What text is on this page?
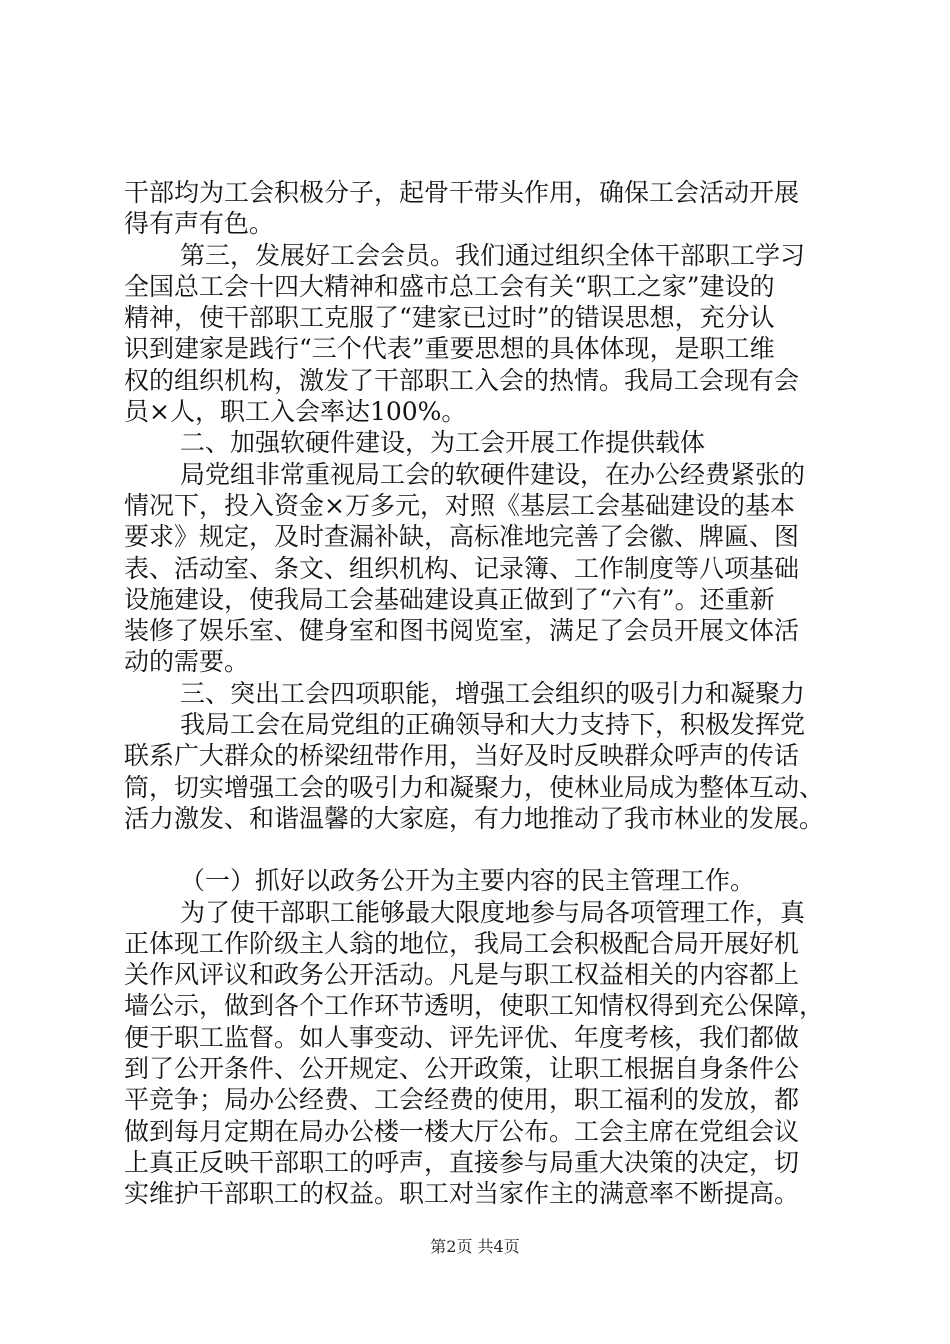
干部均为工会积极分子，起骨干带头作用，确保工会活动开展
得有声有色。
第三，发展好工会会员。我们通过组织全体干部职工学习
全国总工会十四大精神和盛市总工会有关“职工之家”建设的
精神，使干部职工克服了“建家已过时”的错误思想，充分认
识到建家是践行“三个代表”重要思想的具体体现，是职工维
权的组织机构，激发了干部职工入会的热情。我局工会现有会
员×人，职工入会率达100%。
二、加强软硬件建设，为工会开展工作提供载体
局党组非常重视局工会的软硬件建设，在办公经费紧张的
情况下，投入资金×万多元，对照《基层工会基础建设的基本
要求》规定，及时查漏补缺，高标准地完善了会徽、牌匾、图
表、活动室、条文、组织机构、记录簿、工作制度等八项基础
设施建设，使我局工会基础建设真正做到了“六有”。还重新
装修了娱乐室、健身室和图书阅览室，满足了会员开展文体活
动的需要。
三、突出工会四项职能，增强工会组织的吸引力和凝聚力
我局工会在局党组的正确领导和大力支持下，积极发挥党
联系广大群众的桥梁纽带作用，当好及时反映群众呼声的传话
筒，切实增强工会的吸引力和凝聚力，使林业局成为整体互动、
活力激发、和谐温馨的大家庭，有力地推动了我市林业的发展。
（一）抓好以政务公开为主要内容的民主管理工作。
为了使干部职工能够最大限度地参与局各项管理工作，真
正体现工作阶级主人翁的地位，我局工会积极配合局开展好机
关作风评议和政务公开活动。凡是与职工权益相关的内容都上
墙公示，做到各个工作环节透明，使职工知情权得到充公保障，
便于职工监督。如人事变动、评先评优、年度考核，我们都做
到了公开条件、公开规定、公开政策，让职工根据自身条件公
平竞争；局办公经费、工会经费的使用，职工福利的发放，都
做到每月定期在局办公楼一楼大厅公布。工会主席在党组会议
上真正反映干部职工的呼声，直接参与局重大决策的决定，切
实维护干部职工的权益。职工对当家作主的满意率不断提高。
第2页 共4页
